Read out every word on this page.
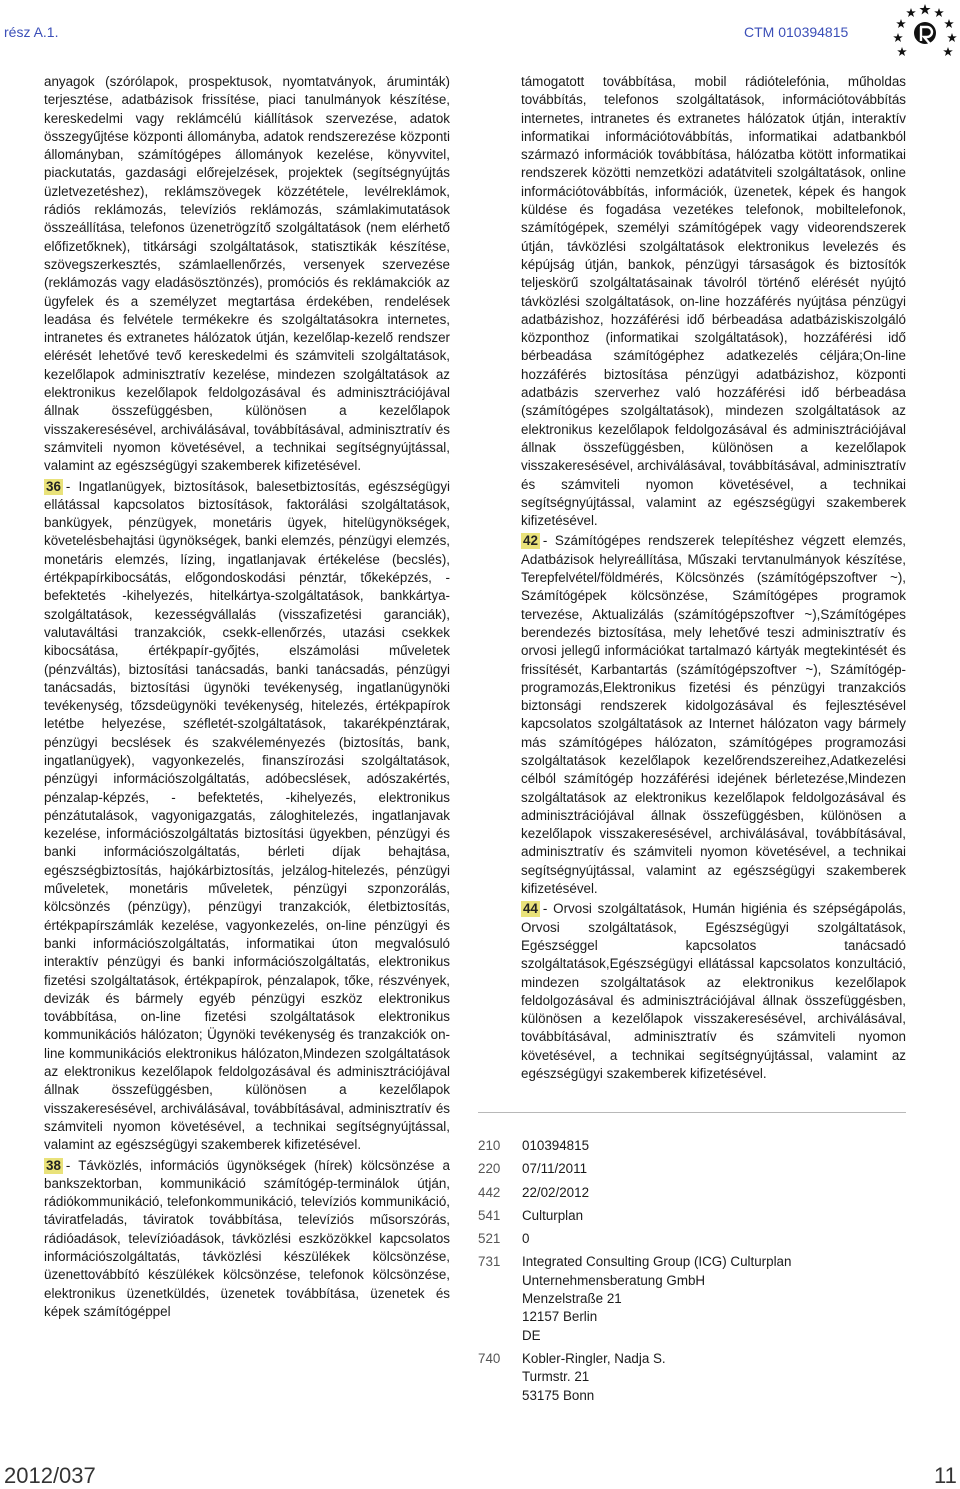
rész A.1.	CTM 010394815

anyagok (szórólapok, prospektusok, nyomtatványok, áruminták) terjesztése, adatbázisok frissítése, piaci tanulmányok készítése, kereskedelmi vagy reklámcélú kiállítások szervezése, adatok összegyűjtése központi állományba, adatok rendszerezése központi állományban, számítógépes állományok kezelése, könyvvitel, piackutatás, gazdasági előrejelzések, projektek (segítségnyújtás üzletvezetéshez), reklámszövegek közzététele, levélreklámok, rádiós reklámozás, televíziós reklámozás, számlakimutatások összeállítása, telefonos üzenetrögzítő szolgáltatások (nem elérhető előfizetőknek), titkársági szolgáltatások, statisztikák készítése, szövegszerkesztés, számlaellenőrzés, versenyek szervezése (reklámozás vagy eladásösztönzés), promóciós és reklámakciók az ügyfelek és a személyzet megtartása érdekében, rendelések leadása és felvétele termékekre és szolgáltatásokra internetes, intranetes és extranetes hálózatok útján, kezelőlap-kezelő rendszer elérését lehetővé tevő kereskedelmi és számviteli szolgáltatások, kezelőlapok adminisztratív kezelése, mindezen szolgáltatások az elektronikus kezelőlapok feldolgozásával és adminisztrációjával állnak összefüggésben, különösen a kezelőlapok visszakeresésével, archiválásával, továbbításával, adminisztratív és számviteli nyomon követésével, a technikai segítségnyújtással, valamint az egészségügyi szakemberek kifizetésével.

36 - Ingatlanügyek, biztosítások, balesetbiztosítás, egészségügyi ellátással kapcsolatos biztosítások, faktorálási szolgáltatások, bankügyek, pénzügyek, monetáris ügyek, hitelügynökségek, követelésbehajtási ügynökségek, banki elemzés, pénzügyi elemzés, monetáris elemzés, lízing, ingatlanjavak értékelése (becslés), értékpapírkibocsátás, előgondoskodási pénztár, tőkeképzés, -befektetés -kihelyezés, hitelkártya-szolgáltatások, bankkártya-szolgáltatások, kezességvállalás (visszafizetési garanciák), valutaváltási tranzakciók, csekk-ellenőrzés, utazási csekkek kibocsátása, értékpapír-győjtés, elszámolási műveletek (pénzváltás), biztosítási tanácsadás, banki tanácsadás, pénzügyi tanácsadás, biztosítási ügynöki tevékenység, ingatlanügynöki tevékenység, tőzsdeügynöki tevékenység, hitelezés, értékpapírok letétbe helyezése, széfletét-szolgáltatások, takarékpénztárak, pénzügyi becslések és szakvéleményezés (biztosítás, bank, ingatlanügyek), vagyonkezelés, finanszírozási szolgáltatások, pénzügyi információszolgáltatás, adóbecslések, adószakértés, pénzalap-képzés, - befektetés, -kihelyezés, elektronikus pénzátutalások, vagyonigazgatás, záloghitelezés, ingatlanjavak kezelése, információszolgáltatás biztosítási ügyekben, pénzügyi és banki információszolgáltatás, bérleti díjak behajtása, egészségbiztosítás, hajókárbiztosítás, jelzálog-hitelezés, pénzügyi műveletek, monetáris műveletek, pénzügyi szponzorálás, kölcsönzés (pénzügy), pénzügyi tranzakciók, életbiztosítás, értékpapírszámlák kezelése, vagyonkezelés, on-line pénzügyi és banki információszolgáltatás, informatikai úton megvalósuló interaktív pénzügyi és banki információszolgáltatás, elektronikus fizetési szolgáltatások, értékpapírok, pénzalapok, tőke, részvények, devizák és bármely egyéb pénzügyi eszköz elektronikus továbbítása, on-line fizetési szolgáltatások elektronikus kommunikációs hálózaton; Ügynöki tevékenység és tranzakciók on-line kommunikációs elektronikus hálózaton,Mindezen szolgáltatások az elektronikus kezelőlapok feldolgozásával és adminisztrációjával állnak összefüggésben, különösen a kezelőlapok visszakeresésével, archiválásával, továbbításával, adminisztratív és számviteli nyomon követésével, a technikai segítségnyújtással, valamint az egészségügyi szakemberek kifizetésével.

38 - Távközlés, információs ügynökségek (hírek) kölcsönzése a bankszektorban, kommunikáció számítógép-terminálok útján, rádiókommunikáció, telefonkommunikáció, televíziós kommunikáció, táviratfeladás, táviratok továbbítása, televíziós műsorszórás, rádióadások, televízióadások, távközlési eszközökkel kapcsolatos információszolgáltatás, távközlési készülékek kölcsönzése, üzenettovábbító készülékek kölcsönzése, telefonok kölcsönzése, elektronikus üzenetküldés, üzenetek továbbítása, üzenetek és képek számítógéppel

támogatott továbbítása, mobil rádiótelefónia, műholdas továbbítás, telefonos szolgáltatások, információtovábbítás internetes, intranetes és extranetes hálózatok útján, interaktív informatikai információtovábbítás, informatikai adatbankból származó információk továbbítása, hálózatba kötött informatikai rendszerek közötti nemzetközi adatátviteli szolgáltatások, online információtovábbítás, információk, üzenetek, képek és hangok küldése és fogadása vezetékes telefonok, mobiltelefonok, számítógépek, személyi számítógépek vagy videorendszerek útján, távközlési szolgáltatások elektronikus levelezés és képújság útján, bankok, pénzügyi társaságok és biztosítók teljeskörű szolgáltatásainak távolról történő elérését nyújtó távközlési szolgáltatások, on-line hozzáférés nyújtása pénzügyi adatbázishoz, hozzáférési idő bérbeadása adatbáziskiszolgáló központhoz (informatikai szolgáltatások), hozzáférési idő bérbeadása számítógéphez adatkezelés céljára;On-line hozzáférés biztosítása pénzügyi adatbázishoz, központi adatbázis szerverhez való hozzáférési idő bérbeadása (számítógépes szolgáltatások), mindezen szolgáltatások az elektronikus kezelőlapok feldolgozásával és adminisztrációjával állnak összefüggésben, különösen a kezelőlapok visszakeresésével, archiválásával, továbbításával, adminisztratív és számviteli nyomon követésével, a technikai segítségnyújtással, valamint az egészségügyi szakemberek kifizetésével.

42 - Számítógépes rendszerek telepítéshez végzett elemzés, Adatbázisok helyreállítása, Műszaki tervtanulmányok készítése, Terepfelvétel/földmérés, Kölcsönzés (számítógépszoftver ~), Számítógépek kölcsönzése, Számítógépes programok tervezése, Aktualizálás (számítógépszoftver ~),Számítógépes berendezés biztosítása, mely lehetővé teszi adminisztratív és orvosi jellegű információkat tartalmazó kártyák megtekintését és frissítését, Karbantartás (számítógépszoftver ~), Számítógép-programozás,Elektronikus fizetési és pénzügyi tranzakciós biztonsági rendszerek kidolgozásával és fejlesztésével kapcsolatos szolgáltatások az Internet hálózaton vagy bármely más számítógépes hálózaton, számítógépes programozási szolgáltatások kezelőlapok kezelőrendszereihez,Adatkezelési célból számítógép hozzáférési idejének bérletezése,Mindezen szolgáltatások az elektronikus kezelőlapok feldolgozásával és adminisztrációjával állnak összefüggésben, különösen a kezelőlapok visszakeresésével, archiválásával, továbbításával, adminisztratív és számviteli nyomon követésével, a technikai segítségnyújtással, valamint az egészségügyi szakemberek kifizetésével.

44 - Orvosi szolgáltatások, Humán higiénia és szépségápolás, Orvosi szolgáltatások, Egészségügyi szolgáltatások, Egészséggel kapcsolatos tanácsadó szolgáltatások,Egészségügyi ellátással kapcsolatos konzultáció, mindezen szolgáltatások az elektronikus kezelőlapok feldolgozásával és adminisztrációjával állnak összefüggésben, különösen a kezelőlapok visszakeresésével, archiválásával, továbbításával, adminisztratív és számviteli nyomon követésével, a technikai segítségnyújtással, valamint az egészségügyi szakemberek kifizetésével.

210	010394815
220	07/11/2011
442	22/02/2012
541	Culturplan
521	0
731	Integrated Consulting Group (ICG) Culturplan
Unternehmensberatung GmbH
Menzelstraße 21
12157 Berlin
DE
740	Kobler-Ringler, Nadja S.
Turmstr. 21
53175 Bonn
2012/037	11
